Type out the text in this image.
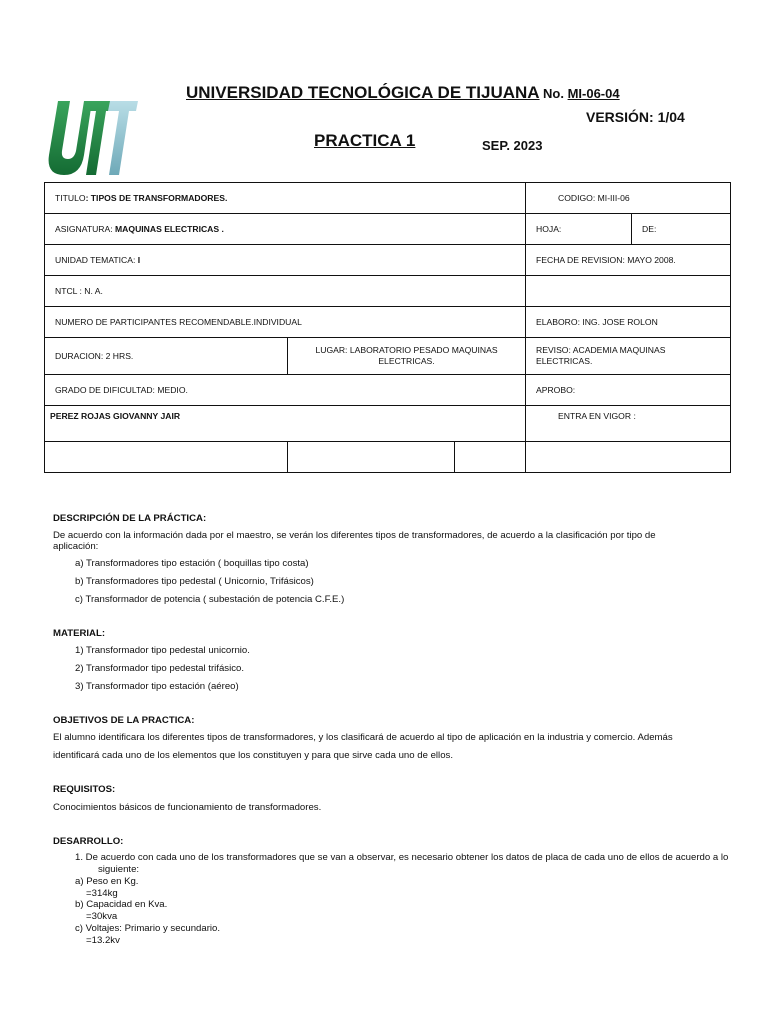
UNIVERSIDAD TECNOLÓGICA DE TIJUANA No. MI-06-04
VERSIÓN: 1/04
PRACTICA 1	SEP. 2023
TITULO: TIPOS DE TRANSFORMADORES.			CODIGO: MI-III-06	
ASIGNATURA: MAQUINAS ELECTRICAS .			HOJA:	DE:
UNIDAD TEMATICA: I			FECHA DE REVISION: MAYO 2008.	
NTCL : N. A.				
NUMERO DE PARTICIPANTES RECOMENDABLE.INDIVIDUAL			ELABORO: ING. JOSE ROLON	
DURACION: 2 HRS.	LUGAR: LABORATORIO PESADO MAQUINAS ELECTRICAS.		REVISO: ACADEMIA MAQUINAS ELECTRICAS.	
GRADO DE DIFICULTAD: MEDIO.			APROBO:	
PEREZ ROJAS GIOVANNY JAIR			ENTRA EN VIGOR :	

DESCRIPCIÓN DE LA PRÁCTICA:
De acuerdo con la información dada por el maestro, se verán los diferentes tipos de transformadores, de acuerdo a la clasificación por tipo de aplicación:
a) Transformadores tipo estación ( boquillas tipo costa)
b) Transformadores tipo pedestal ( Unicornio, Trifásicos)
c) Transformador de potencia ( subestación de potencia C.F.E.)
MATERIAL:
1) Transformador tipo pedestal unicornio.
2) Transformador tipo pedestal trifásico.
3) Transformador tipo estación (aéreo)
OBJETIVOS DE LA PRACTICA:
El alumno identificara los diferentes tipos de transformadores, y los clasificará de acuerdo al tipo de aplicación en la industria y comercio. Además
identificará cada uno de los elementos que los constituyen y para que sirve cada uno de ellos.
REQUISITOS:
Conocimientos básicos de funcionamiento de transformadores.
DESARROLLO:
1. De acuerdo con cada uno de los transformadores que se van a observar, es necesario obtener los datos de placa de cada uno de ellos de acuerdo a lo
siguiente:
a) Peso en Kg.
=314kg
b) Capacidad en Kva.
=30kva
c) Voltajes: Primario y secundario.
=13.2kv
